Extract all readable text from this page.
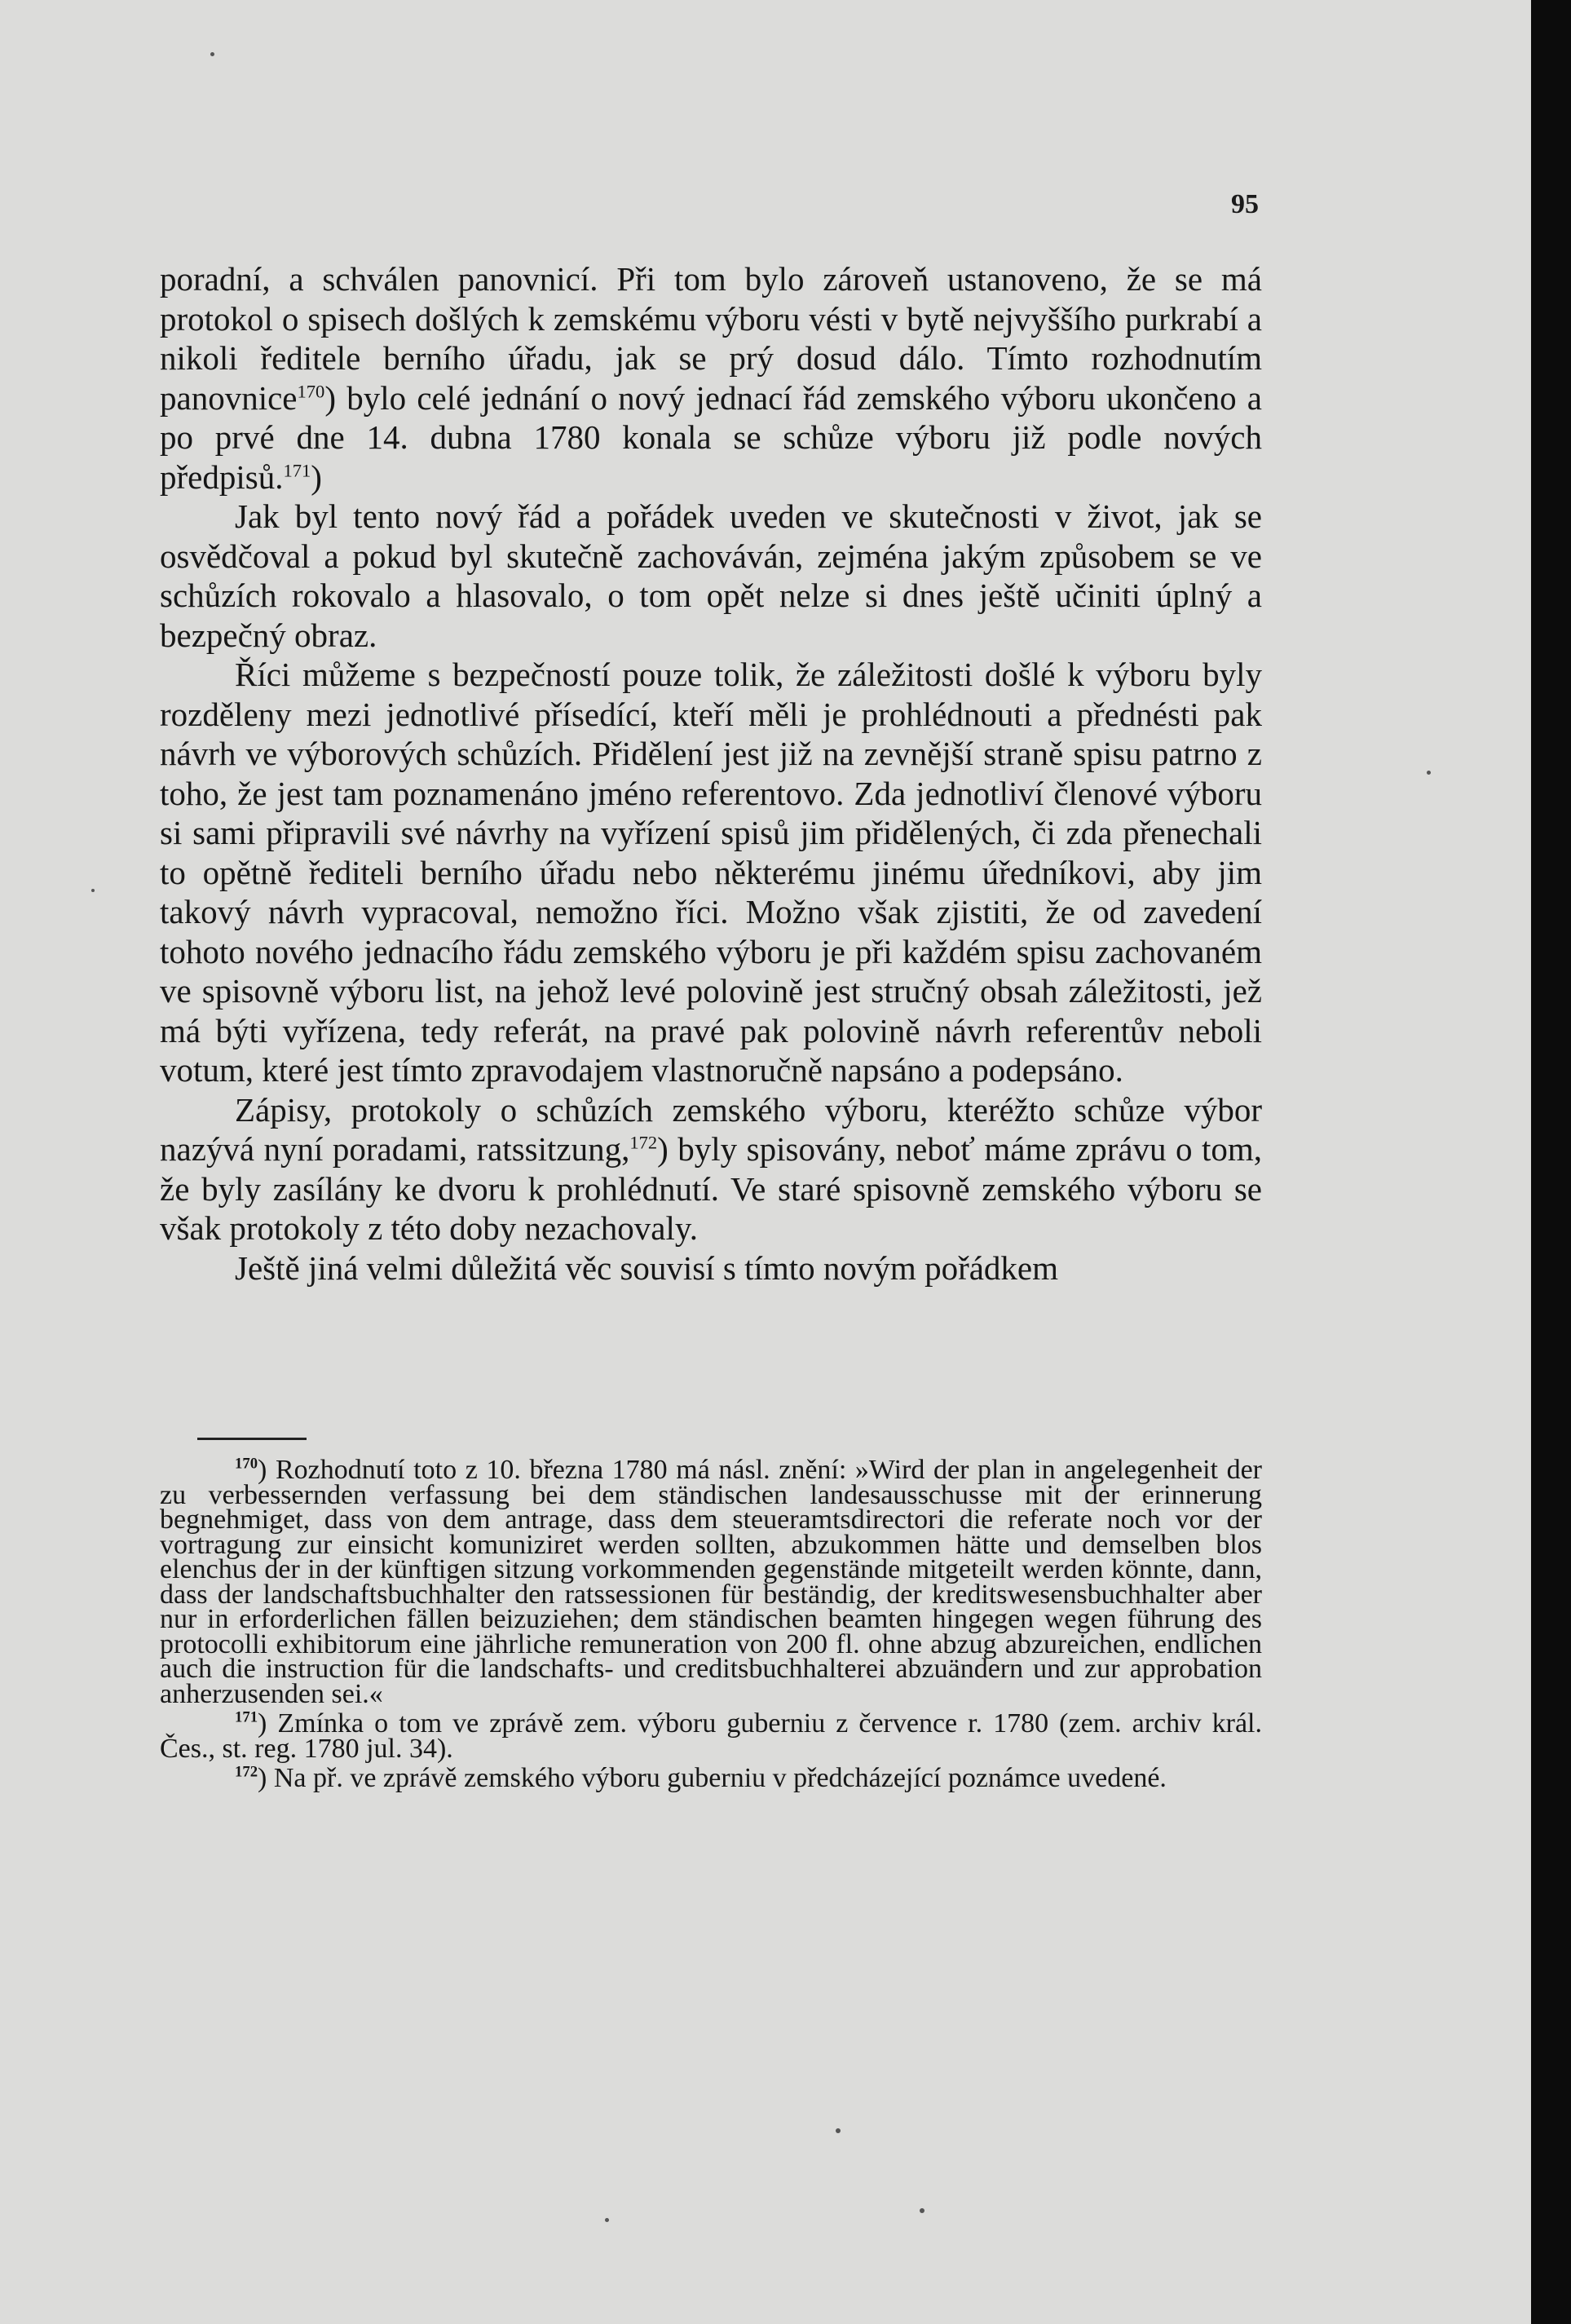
95

poradní, a schválen panovnicí. Při tom bylo zároveň ustanoveno, že se má protokol o spisech došlých k zemskému výboru vésti v bytě nejvyššího purkrabí a nikoli ředitele berního úřadu, jak se prý dosud dálo. Tímto rozhodnutím panovnice$^{170}$) bylo celé jednání o nový jednací řád zemského výboru ukončeno a po prvé dne 14. dubna 1780 konala se schůze výboru již podle nových předpisů.$^{171}$)

Jak byl tento nový řád a pořádek uveden ve skutečnosti v život, jak se osvědčoval a pokud byl skutečně zachováván, zejména jakým způsobem se ve schůzích rokovalo a hlasovalo, o tom opět nelze si dnes ještě učiniti úplný a bezpečný obraz.

Říci můžeme s bezpečností pouze tolik, že záležitosti došlé k výboru byly rozděleny mezi jednotlivé přísedící, kteří měli je prohlédnouti a přednésti pak návrh ve výborových schůzích. Přidělení jest již na zevnější straně spisu patrno z toho, že jest tam poznamenáno jméno referentovo. Zda jednotliví členové výboru si sami připravili své návrhy na vyřízení spisů jim přidělených, či zda přenechali to opětně řediteli berního úřadu nebo některému jinému úředníkovi, aby jim takový návrh vypracoval, nemožno říci. Možno však zjistiti, že od zavedení tohoto nového jednacího řádu zemského výboru je při každém spisu zachovaném ve spisovně výboru list, na jehož levé polovině jest stručný obsah záležitosti, jež má býti vyřízena, tedy referát, na pravé pak polovině návrh referentův neboli votum, které jest tímto zpravodajem vlastnoručně napsáno a podepsáno.

Zápisy, protokoly o schůzích zemského výboru, kteréžto schůze výbor nazývá nyní poradami, ratssitzung,$^{172}$) byly spisovány, neboť máme zprávu o tom, že byly zasílány ke dvoru k prohlédnutí. Ve staré spisovně zemského výboru se však protokoly z této doby nezachovaly.

Ještě jiná velmi důležitá věc souvisí s tímto novým pořádkem

$^{170}$) Rozhodnutí toto z 10. března 1780 má násl. znění: »Wird der plan in angelegenheit der zu verbessernden verfassung bei dem ständischen landesausschusse mit der erinnerung begnehmiget, dass von dem antrage, dass dem steueramtsdirectori die referate noch vor der vortragung zur einsicht komuniziret werden sollten, abzukommen hätte und demselben blos elenchus der in der künftigen sitzung vorkommenden gegenstände mitgeteilt werden könnte, dann, dass der landschaftsbuchhalter den ratssessionen für beständig, der kreditswesensbuchhalter aber nur in erforderlichen fällen beizuziehen; dem ständischen beamten hingegen wegen führung des protocolli exhibitorum eine jährliche remuneration von 200 fl. ohne abzug abzureichen, endlichen auch die instruction für die landschafts- und creditsbuchhalterei abzuändern und zur approbation anherzusenden sei.«

$^{171}$) Zmínka o tom ve zprávě zem. výboru guberniu z července r. 1780 (zem. archiv král. Čes., st. reg. 1780 jul. 34).

$^{172}$) Na př. ve zprávě zemského výboru guberniu v předcházející poznámce uvedené.
